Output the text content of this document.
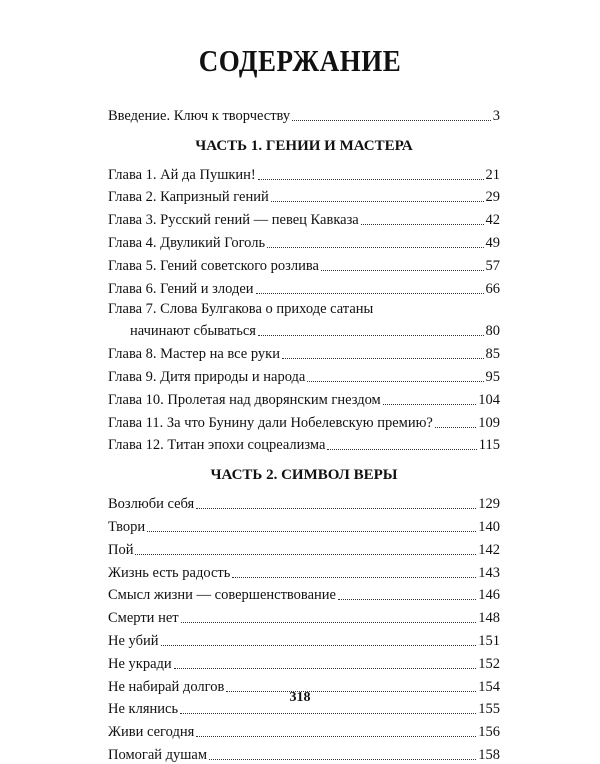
СОДЕРЖАНИЕ
Введение. Ключ к творчеству	3
ЧАСТЬ 1. ГЕНИИ И МАСТЕРА
Глава 1. Ай да Пушкин!	21
Глава 2. Капризный гений	29
Глава 3. Русский гений — певец Кавказа	42
Глава 4. Двуликий Гоголь	49
Глава 5. Гений советского розлива	57
Глава 6. Гений и злодеи	66
Глава 7. Слова Булгакова о приходе сатаны
начинают сбываться	80
Глава 8. Мастер на все руки	85
Глава 9. Дитя природы и народа	95
Глава 10. Пролетая над дворянским гнездом	104
Глава 11. За что Бунину дали Нобелевскую премию?	109
Глава 12. Титан эпохи соцреализма	115
ЧАСТЬ 2. СИМВОЛ ВЕРЫ
Возлюби себя	129
Твори	140
Пой	142
Жизнь есть радость	143
Смысл жизни — совершенствование	146
Смерти нет	148
Не убий	151
Не укради	152
Не набирай долгов	154
Не клянись	155
Живи сегодня	156
Помогай душам	158
318
